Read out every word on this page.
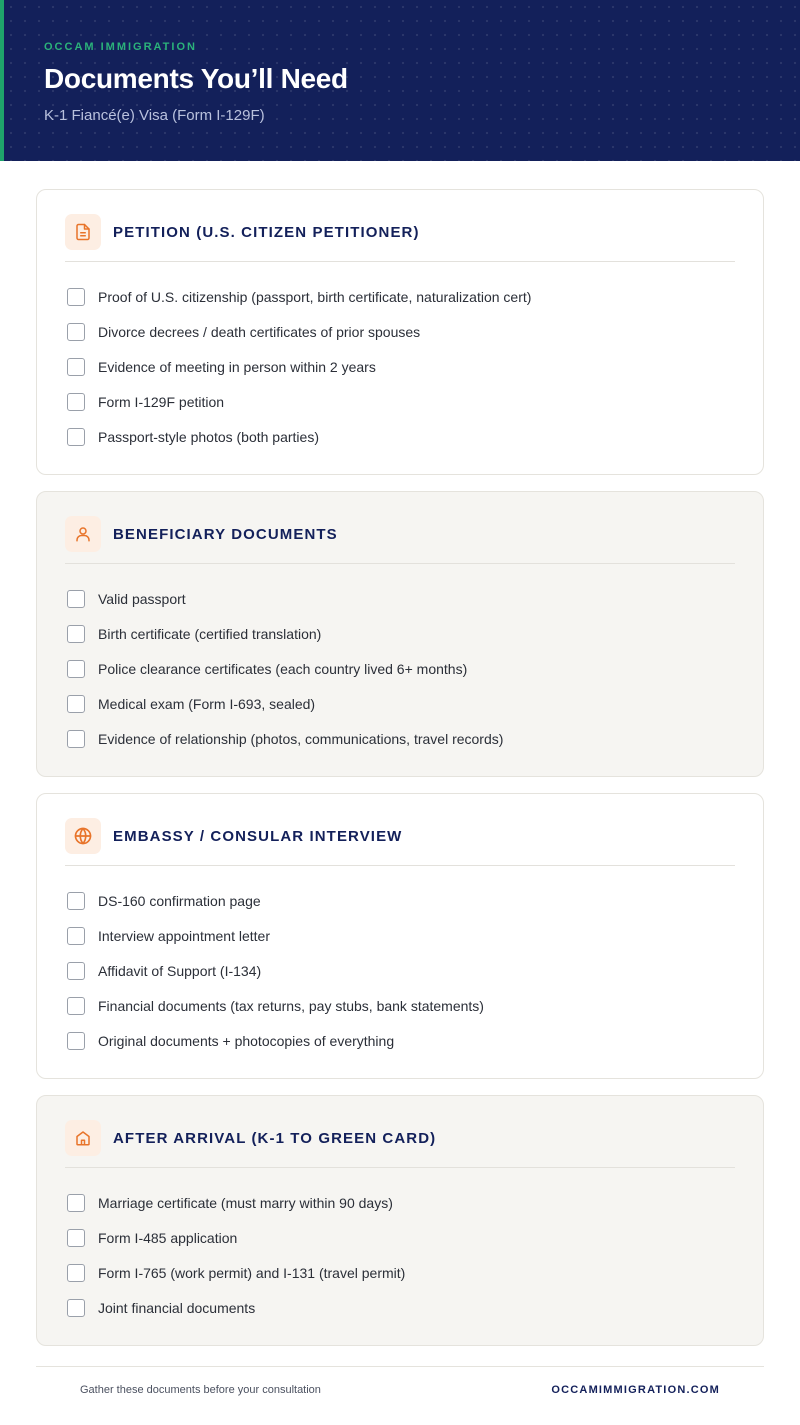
OCCAM IMMIGRATION
Documents You’ll Need
K-1 Fiancé(e) Visa (Form I-129F)
PETITION (U.S. CITIZEN PETITIONER)
Proof of U.S. citizenship (passport, birth certificate, naturalization cert)
Divorce decrees / death certificates of prior spouses
Evidence of meeting in person within 2 years
Form I-129F petition
Passport-style photos (both parties)
BENEFICIARY DOCUMENTS
Valid passport
Birth certificate (certified translation)
Police clearance certificates (each country lived 6+ months)
Medical exam (Form I-693, sealed)
Evidence of relationship (photos, communications, travel records)
EMBASSY / CONSULAR INTERVIEW
DS-160 confirmation page
Interview appointment letter
Affidavit of Support (I-134)
Financial documents (tax returns, pay stubs, bank statements)
Original documents + photocopies of everything
AFTER ARRIVAL (K-1 TO GREEN CARD)
Marriage certificate (must marry within 90 days)
Form I-485 application
Form I-765 (work permit) and I-131 (travel permit)
Joint financial documents
Gather these documents before your consultation	OCCAMIMMIGRATION.COM
